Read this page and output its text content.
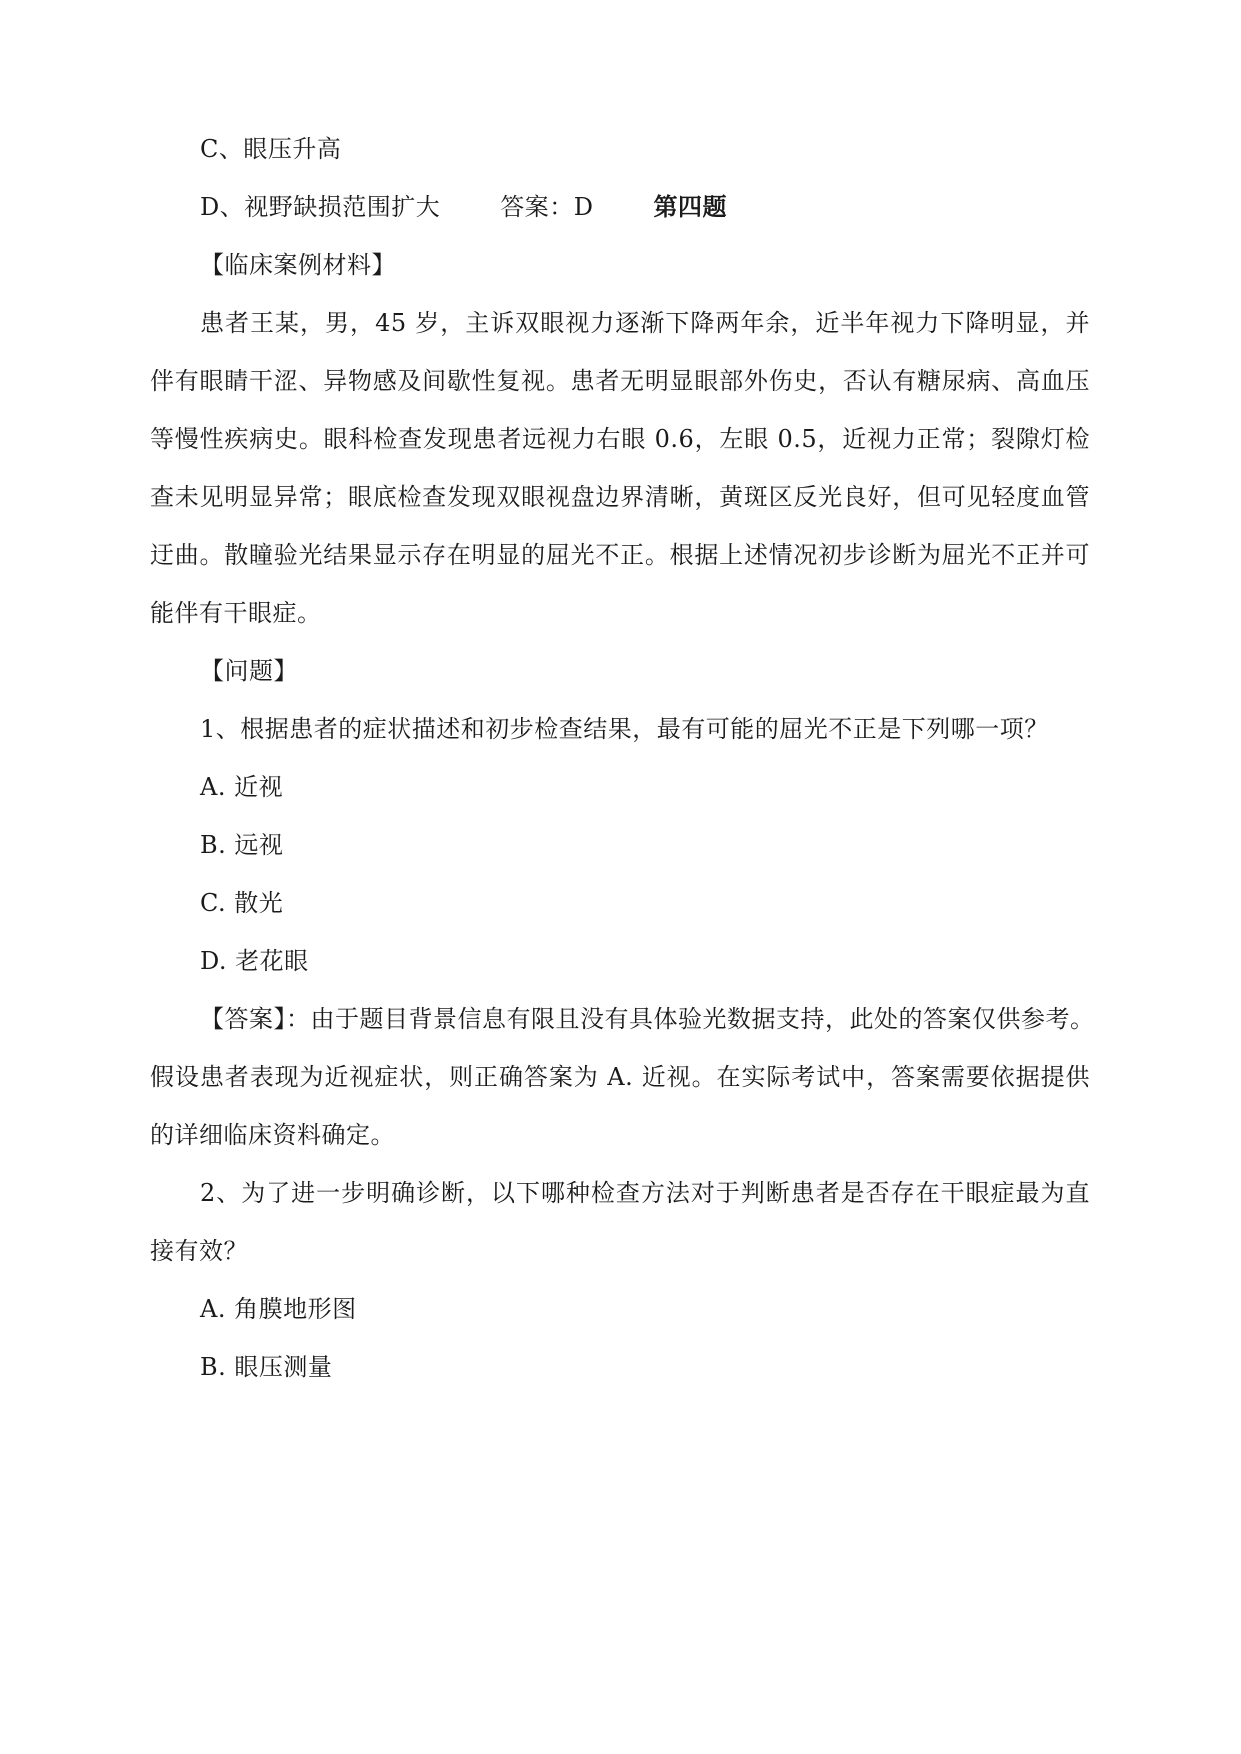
C、眼压升高
D、视野缺损范围扩大	答案：D	第四题
【临床案例材料】
患者王某，男，45 岁，主诉双眼视力逐渐下降两年余，近半年视力下降明显，并
伴有眼睛干涩、异物感及间歇性复视。患者无明显眼部外伤史，否认有糖尿病、高血压
等慢性疾病史。眼科检查发现患者远视力右眼 0.6，左眼 0.5，近视力正常；裂隙灯检
查未见明显异常；眼底检查发现双眼视盘边界清晰，黄斑区反光良好，但可见轻度血管
迂曲。散瞳验光结果显示存在明显的屈光不正。根据上述情况初步诊断为屈光不正并可
能伴有干眼症。
【问题】
1、根据患者的症状描述和初步检查结果，最有可能的屈光不正是下列哪一项？
A. 近视
B. 远视
C. 散光
D. 老花眼
【答案】：由于题目背景信息有限且没有具体验光数据支持，此处的答案仅供参考。
假设患者表现为近视症状，则正确答案为 A. 近视。在实际考试中，答案需要依据提供
的详细临床资料确定。
2、为了进一步明确诊断，以下哪种检查方法对于判断患者是否存在干眼症最为直
接有效？
A. 角膜地形图
B. 眼压测量
